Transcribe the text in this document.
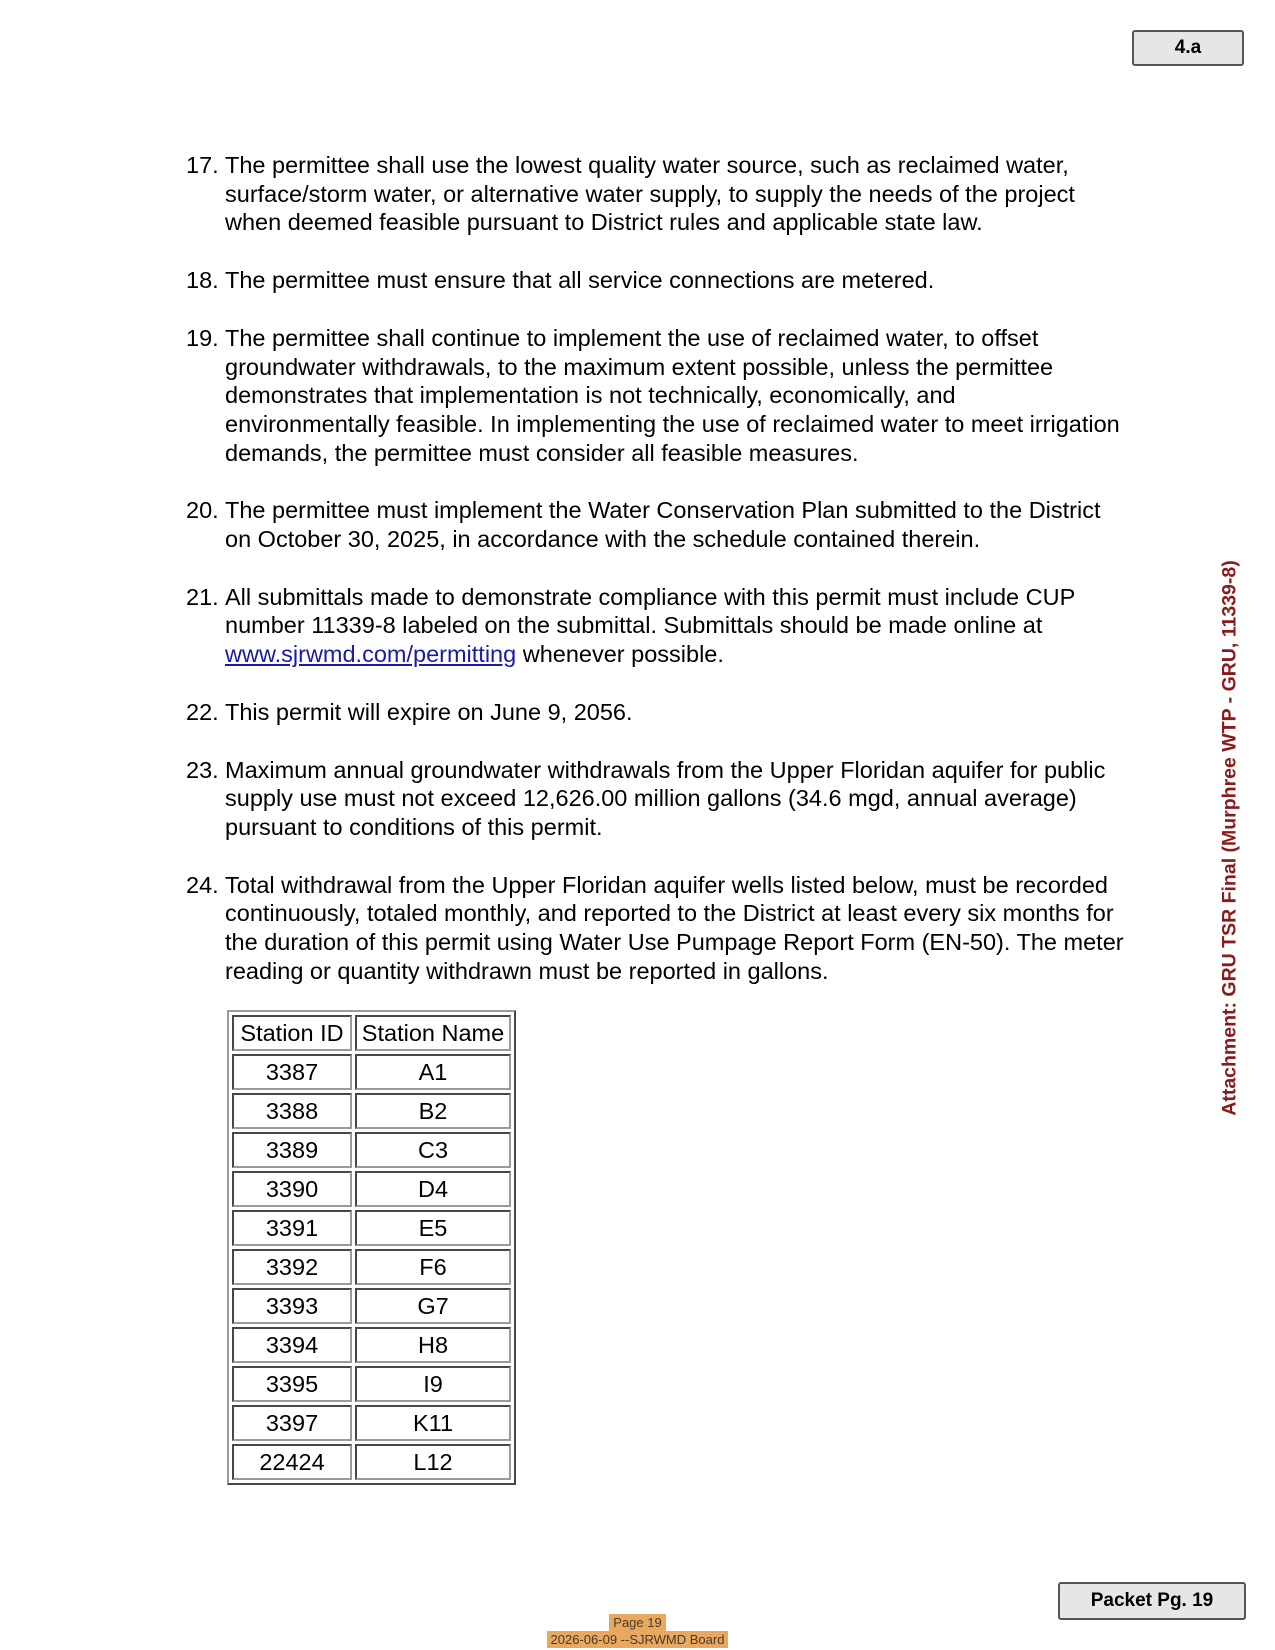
4.a
17. The permittee shall use the lowest quality water source, such as reclaimed water, surface/storm water, or alternative water supply, to supply the needs of the project when deemed feasible pursuant to District rules and applicable state law.
18. The permittee must ensure that all service connections are metered.
19. The permittee shall continue to implement the use of reclaimed water, to offset groundwater withdrawals, to the maximum extent possible, unless the permittee demonstrates that implementation is not technically, economically, and environmentally feasible. In implementing the use of reclaimed water to meet irrigation demands, the permittee must consider all feasible measures.
20. The permittee must implement the Water Conservation Plan submitted to the District on October 30, 2025, in accordance with the schedule contained therein.
21. All submittals made to demonstrate compliance with this permit must include CUP number 11339-8 labeled on the submittal. Submittals should be made online at www.sjrwmd.com/permitting whenever possible.
22. This permit will expire on June 9, 2056.
23. Maximum annual groundwater withdrawals from the Upper Floridan aquifer for public supply use must not exceed 12,626.00 million gallons (34.6 mgd, annual average) pursuant to conditions of this permit.
24. Total withdrawal from the Upper Floridan aquifer wells listed below, must be recorded continuously, totaled monthly, and reported to the District at least every six months for the duration of this permit using Water Use Pumpage Report Form (EN-50). The meter reading or quantity withdrawn must be reported in gallons.
Station ID	Station Name
3387	A1
3388	B2
3389	C3
3390	D4
3391	E5
3392	F6
3393	G7
3394	H8
3395	I9
3397	K11
22424	L12
Attachment: GRU TSR Final (Murphree WTP - GRU, 11339-8)
Packet Pg. 19
Page 19
2026-06-09 --SJRWMD Board
